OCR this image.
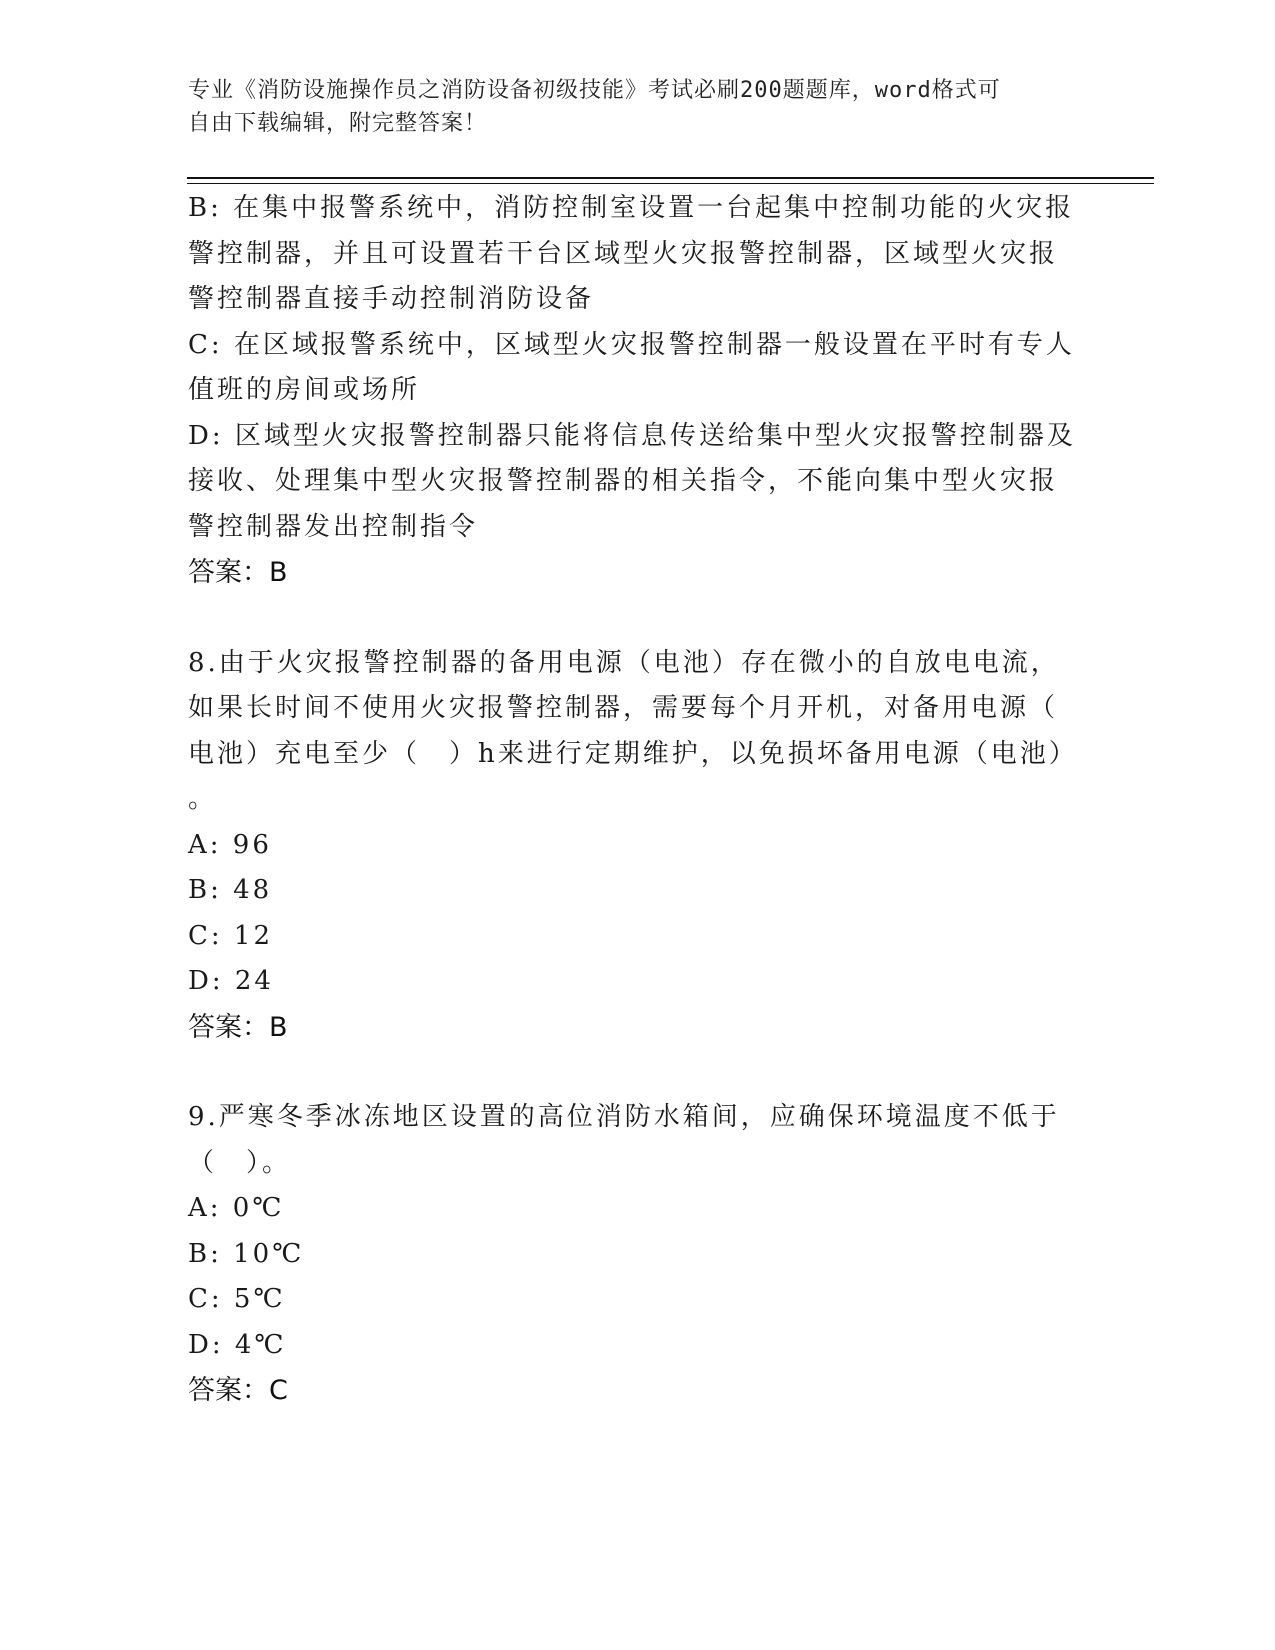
专业《消防设施操作员之消防设备初级技能》考试必刷200题题库，word格式可
自由下载编辑，附完整答案！
B: 在集中报警系统中，消防控制室设置一台起集中控制功能的火灾报
警控制器，并且可设置若干台区域型火灾报警控制器，区域型火灾报
警控制器直接手动控制消防设备
C: 在区域报警系统中，区域型火灾报警控制器一般设置在平时有专人
值班的房间或场所
D: 区域型火灾报警控制器只能将信息传送给集中型火灾报警控制器及
接收、处理集中型火灾报警控制器的相关指令，不能向集中型火灾报
警控制器发出控制指令
答案：B
8.由于火灾报警控制器的备用电源（电池）存在微小的自放电电流，
如果长时间不使用火灾报警控制器，需要每个月开机，对备用电源（
电池）充电至少（　）h来进行定期维护，以免损坏备用电源（电池）
。
A: 96
B: 48
C: 12
D: 24
答案：B
9.严寒冬季冰冻地区设置的高位消防水箱间，应确保环境温度不低于
（　）。
A: 0℃
B: 10℃
C: 5℃
D: 4℃
答案：C
